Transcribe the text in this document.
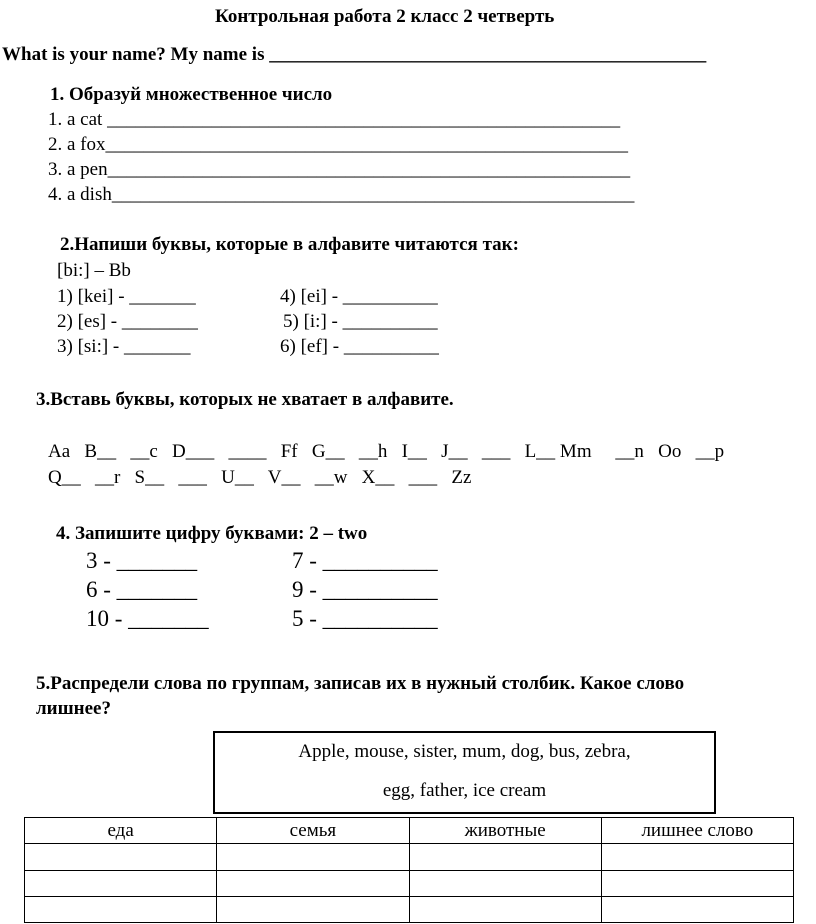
Контрольная работа 2 класс 2 четверть
What is your name? My name is ______________________________________________
1. Образуй множественное число
1. a cat ______________________________________________________
2. a fox_______________________________________________________
3. a pen_______________________________________________________
4. a dish_______________________________________________________
2.Напиши буквы, которые в алфавите читаются так:
[bi:] – Bb
1) [kei] - _______
2) [es] - ________
3) [si:] - _______
4) [ei] - __________
5) [i:] - __________
6) [ef] - __________
3.Вставь буквы, которых не хватает в алфавите.
Aa   B__   __c   D___   ____   Ff   G__   __h   I__   J__   ___   L__ Mm     __n   Oo   __p
Q__   __r   S__   ___   U__   V__   __w   X__   ___   Zz
4. Запишите цифру буквами: 2 – two
3 - _______
6 - _______
10 - _______
7 - __________
9 - __________
5 - __________
5.Распредели слова по группам, записав их в нужный столбик. Какое слово
лишнее?
Apple, mouse, sister, mum, dog, bus, zebra,
egg, father, ice cream
еда	семья	животные	лишнее слово
